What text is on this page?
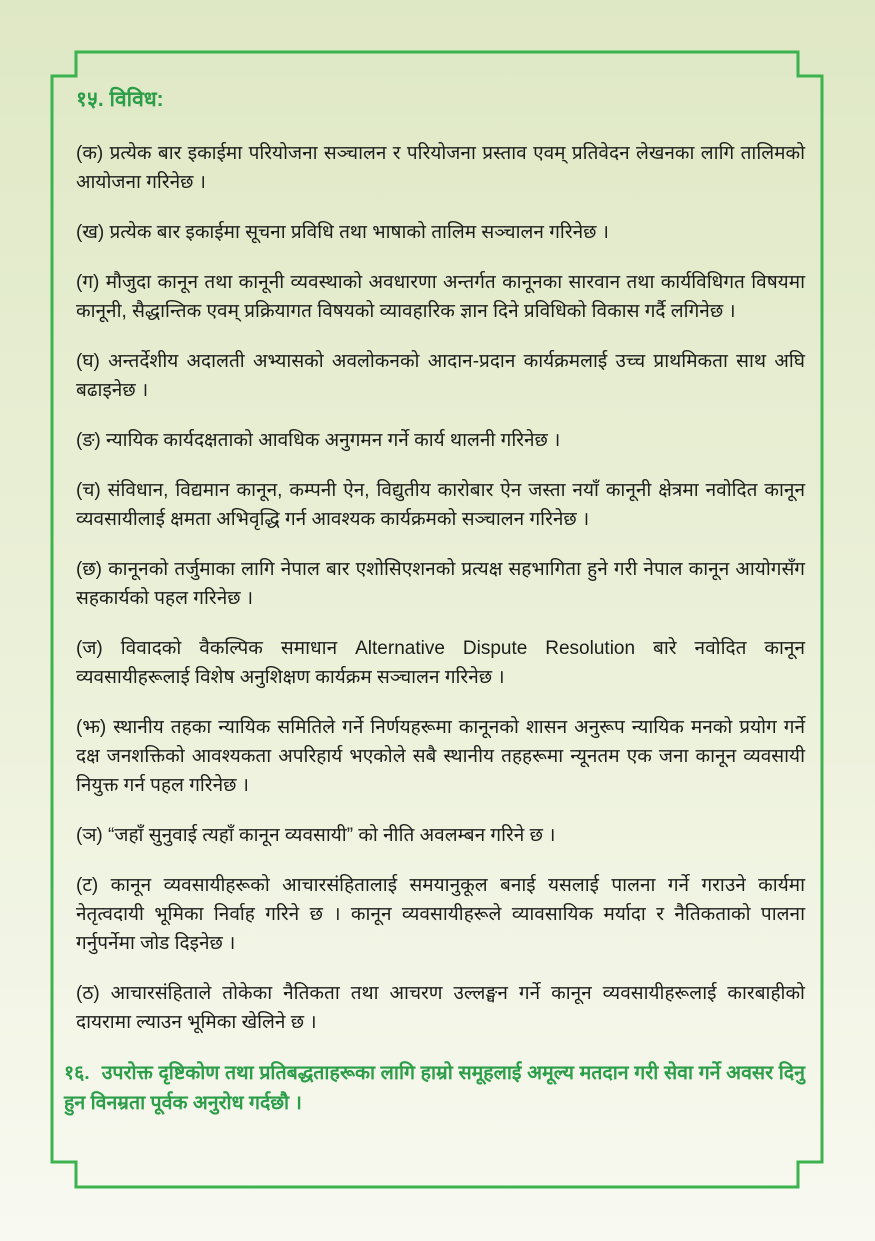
१५. विविध:

(क) प्रत्येक बार इकाईमा परियोजना सञ्चालन र परियोजना प्रस्ताव एवम् प्रतिवेदन लेखनका लागि तालिमको आयोजना गरिनेछ ।

(ख) प्रत्येक बार इकाईमा सूचना प्रविधि तथा भाषाको तालिम सञ्चालन गरिनेछ ।

(ग) मौजुदा कानून तथा कानूनी व्यवस्थाको अवधारणा अन्तर्गत कानूनका सारवान तथा कार्यविधिगत विषयमा कानूनी, सैद्धान्तिक एवम् प्रक्रियागत विषयको व्यावहारिक ज्ञान दिने प्रविधिको विकास गर्दै लगिनेछ ।

(घ) अन्तर्देशीय अदालती अभ्यासको अवलोकनको आदान-प्रदान कार्यक्रमलाई उच्च प्राथमिकता साथ अघि बढाइनेछ ।

(ङ) न्यायिक कार्यदक्षताको आवधिक अनुगमन गर्ने कार्य थालनी गरिनेछ ।

(च) संविधान, विद्यमान कानून, कम्पनी ऐन, विद्युतीय कारोबार ऐन जस्ता नयाँ कानूनी क्षेत्रमा नवोदित कानून व्यवसायीलाई क्षमता अभिवृद्धि गर्न आवश्यक कार्यक्रमको सञ्चालन गरिनेछ ।

(छ) कानूनको तर्जुमाका लागि नेपाल बार एशोसिएशनको प्रत्यक्ष सहभागिता हुने गरी नेपाल कानून आयोगसँग सहकार्यको पहल गरिनेछ ।

(ज) विवादको वैकल्पिक समाधान Alternative Dispute Resolution बारे नवोदित कानून व्यवसायीहरूलाई विशेष अनुशिक्षण कार्यक्रम सञ्चालन गरिनेछ ।

(झ) स्थानीय तहका न्यायिक समितिले गर्ने निर्णयहरूमा कानूनको शासन अनुरूप न्यायिक मनको प्रयोग गर्ने दक्ष जनशक्तिको आवश्यकता अपरिहार्य भएकोले सबै स्थानीय तहहरूमा न्यूनतम एक जना कानून व्यवसायी नियुक्त गर्न पहल गरिनेछ ।

(ञ) “जहाँ सुनुवाई त्यहाँ कानून व्यवसायी” को नीति अवलम्बन गरिने छ ।

(ट) कानून व्यवसायीहरूको आचारसंहितालाई समयानुकूल बनाई यसलाई पालना गर्ने गराउने कार्यमा नेतृत्वदायी भूमिका निर्वाह गरिने छ । कानून व्यवसायीहरूले व्यावसायिक मर्यादा र नैतिकताको पालना गर्नुपर्नेमा जोड दिइनेछ ।

(ठ) आचारसंहिताले तोकेका नैतिकता तथा आचरण उल्लङ्घन गर्ने कानून व्यवसायीहरूलाई कारबाहीको दायरामा ल्याउन भूमिका खेलिने छ ।

१६. उपरोक्त दृष्टिकोण तथा प्रतिबद्धताहरूका लागि हाम्रो समूहलाई अमूल्य मतदान गरी सेवा गर्ने अवसर दिनु हुन विनम्रता पूर्वक अनुरोध गर्दछौ ।
